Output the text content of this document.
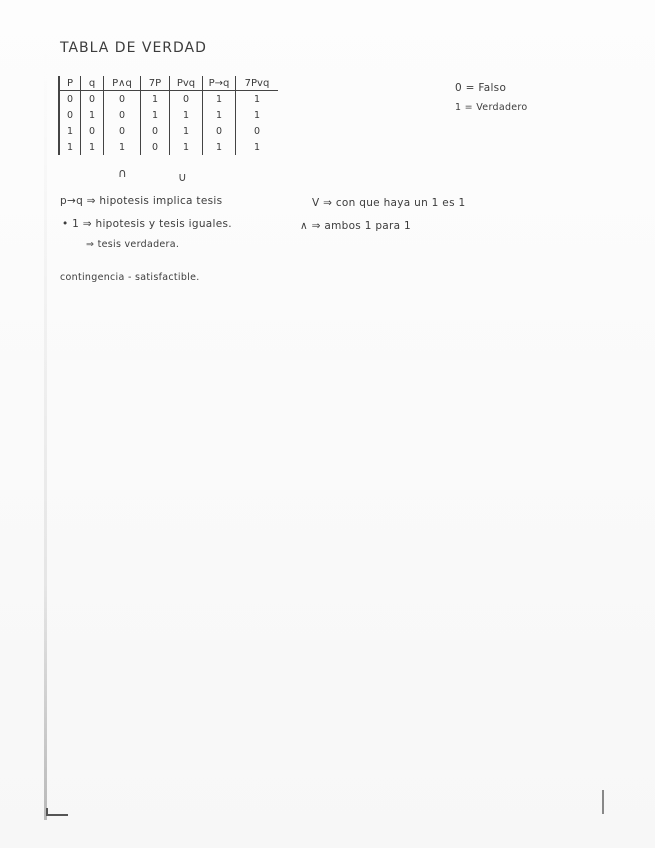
TABLA DE VERDAD
P	q	P∧q	7P	Pvq	P→q	7Pvq
0	0	0	1	0	1	1
0	1	0	1	1	1	1
1	0	0	0	1	0	0
1	1	1	0	1	1	1
∩	∪
0 = Falso
1 = Verdadero
p→q ⇒ hipotesis implica tesis
• 1 ⇒ hipotesis y tesis iguales.
⇒ tesis verdadera.
V ⇒ con que haya un 1 es 1
∧ ⇒ ambos 1 para 1
contingencia - satisfactible.
